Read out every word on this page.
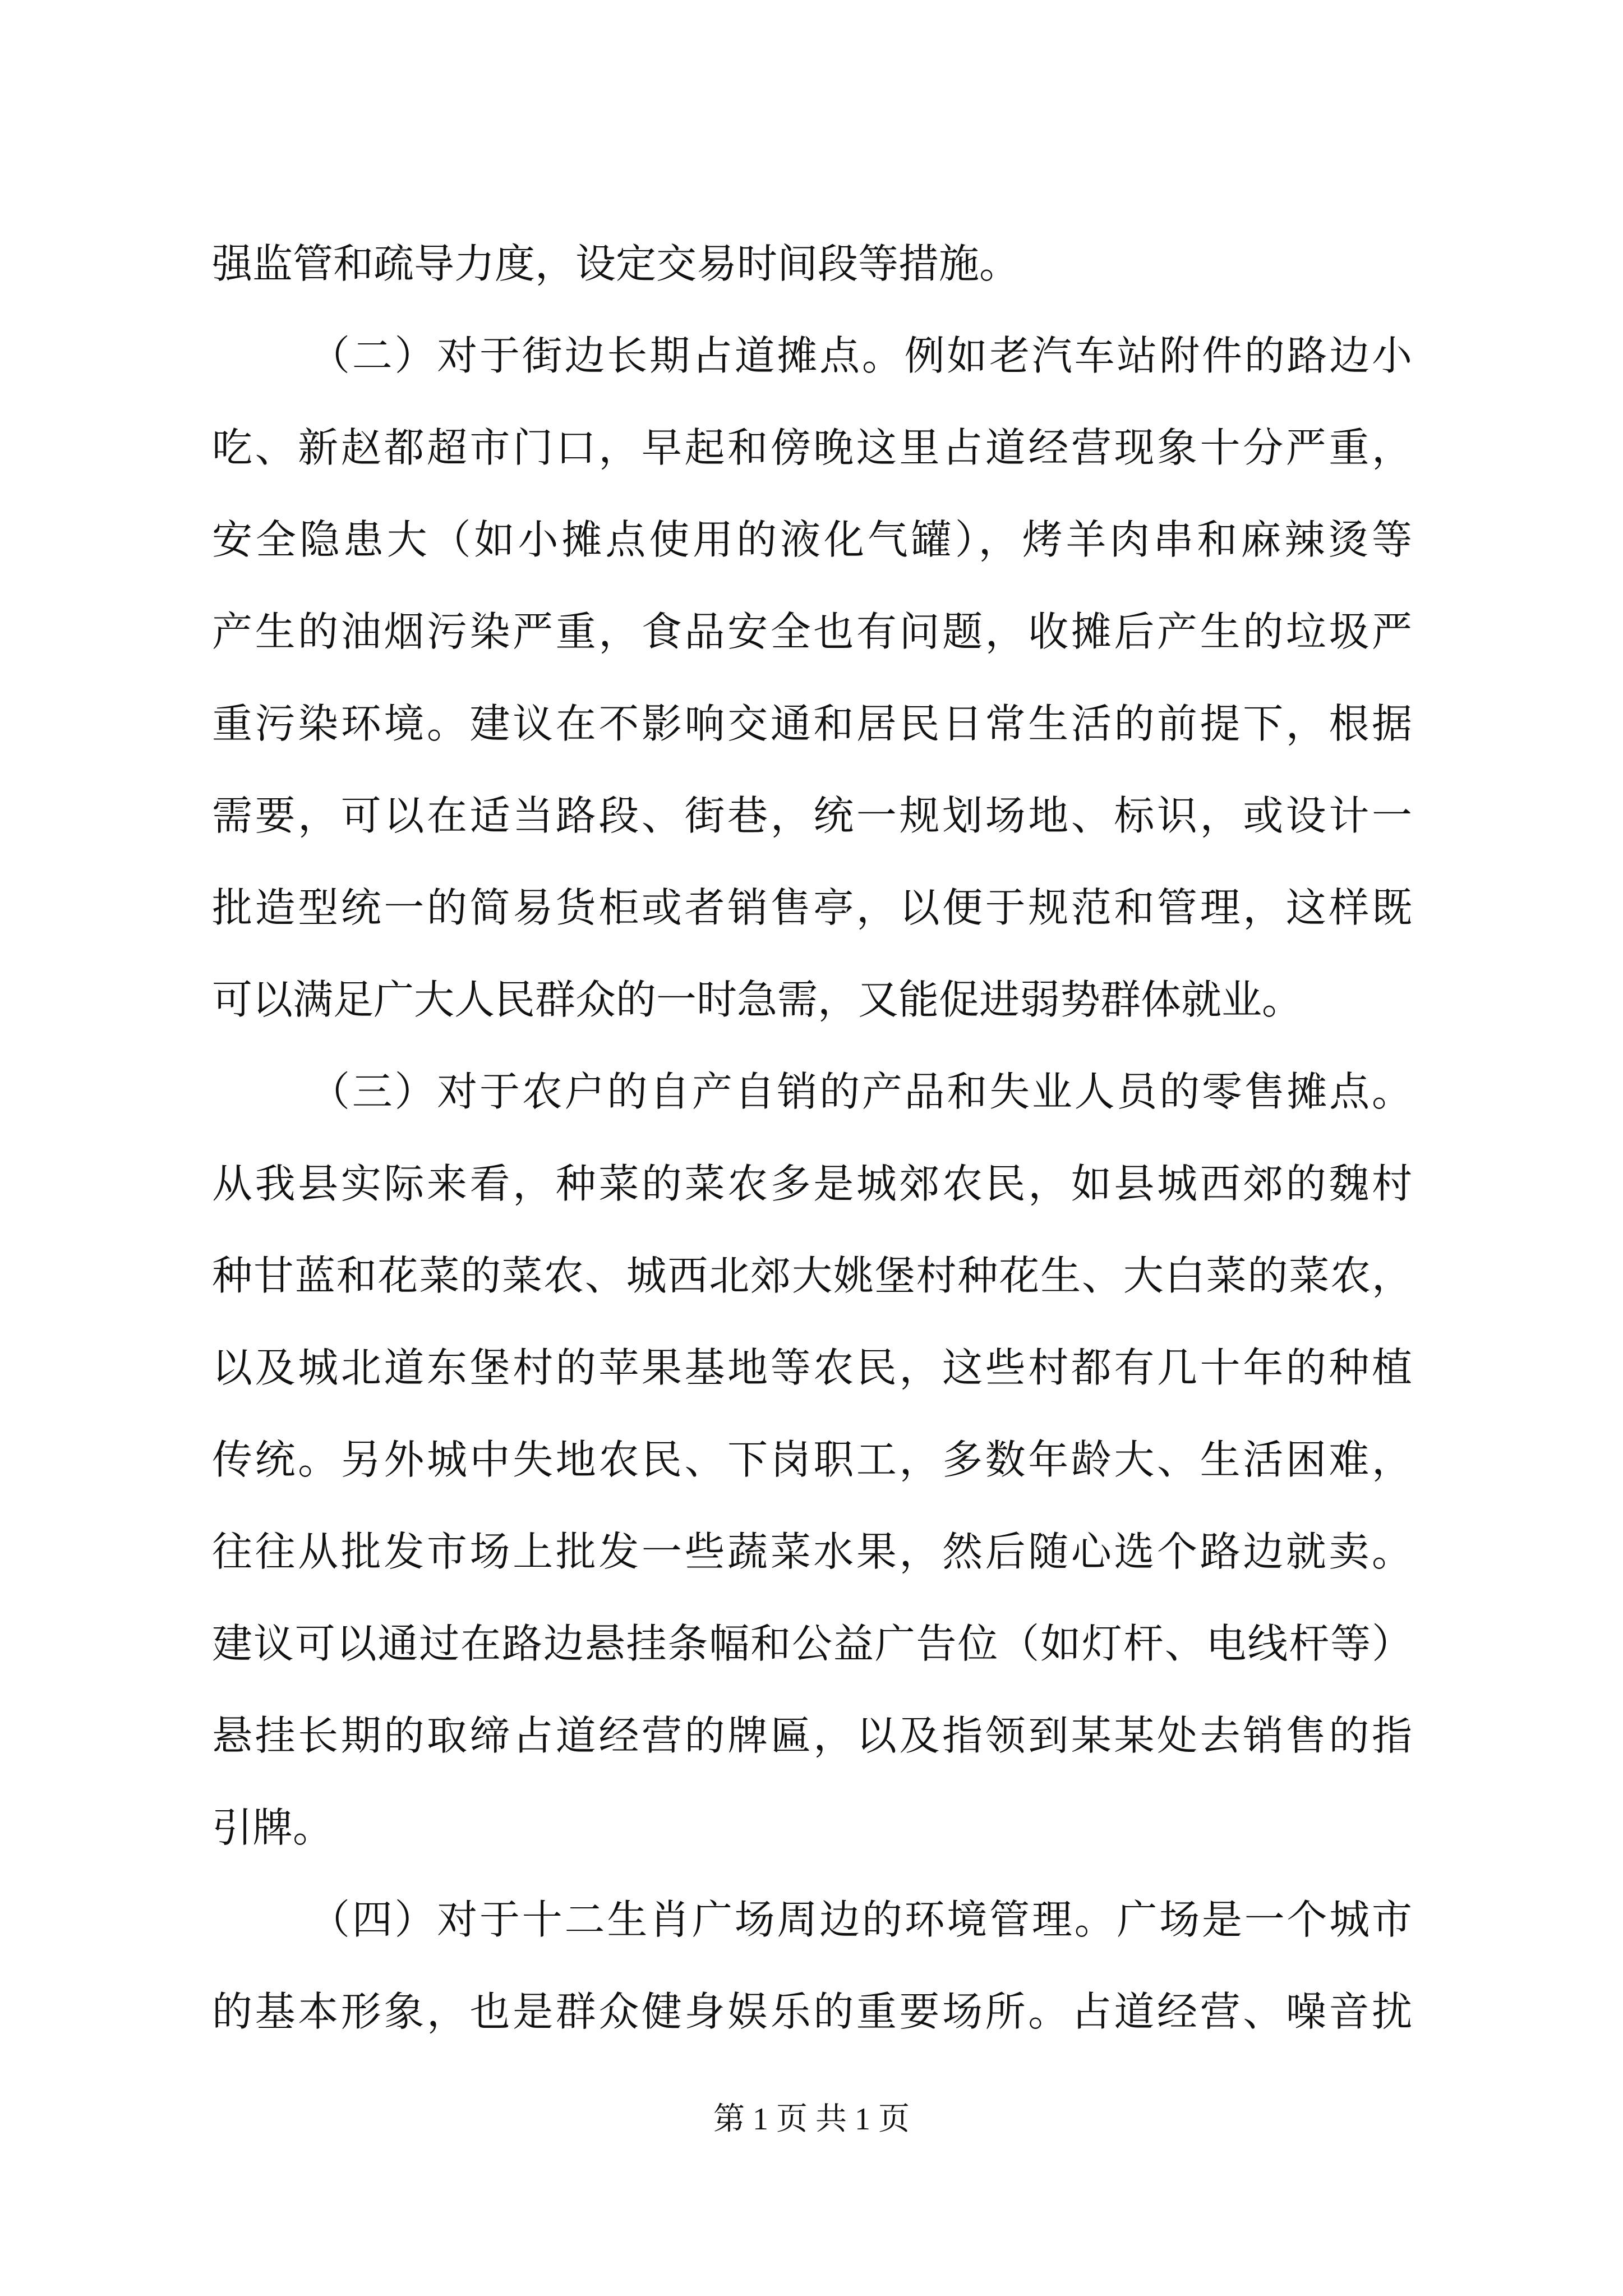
强监管和疏导力度，设定交易时间段等措施。
（二）对于街边长期占道摊点。例如老汽车站附件的路边小
吃、新赵都超市门口，早起和傍晚这里占道经营现象十分严重，
安全隐患大（如小摊点使用的液化气罐），烤羊肉串和麻辣烫等
产生的油烟污染严重，食品安全也有问题，收摊后产生的垃圾严
重污染环境。建议在不影响交通和居民日常生活的前提下，根据
需要，可以在适当路段、街巷，统一规划场地、标识，或设计一
批造型统一的简易货柜或者销售亭，以便于规范和管理，这样既
可以满足广大人民群众的一时急需，又能促进弱势群体就业。
（三）对于农户的自产自销的产品和失业人员的零售摊点。
从我县实际来看，种菜的菜农多是城郊农民，如县城西郊的魏村
种甘蓝和花菜的菜农、城西北郊大姚堡村种花生、大白菜的菜农，
以及城北道东堡村的苹果基地等农民，这些村都有几十年的种植
传统。另外城中失地农民、下岗职工，多数年龄大、生活困难，
往往从批发市场上批发一些蔬菜水果，然后随心选个路边就卖。
建议可以通过在路边悬挂条幅和公益广告位（如灯杆、电线杆等）
悬挂长期的取缔占道经营的牌匾，以及指领到某某处去销售的指
引牌。
（四）对于十二生肖广场周边的环境管理。广场是一个城市
的基本形象，也是群众健身娱乐的重要场所。占道经营、噪音扰
第 1 页 共 1 页
